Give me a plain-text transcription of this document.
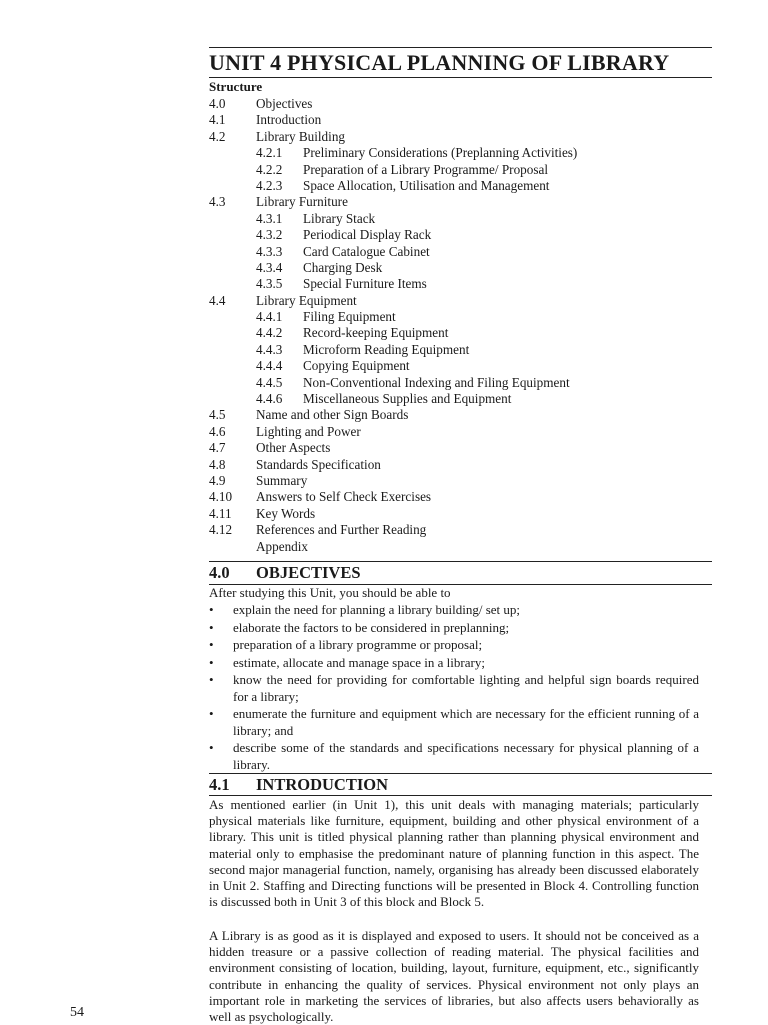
UNIT 4 PHYSICAL PLANNING OF LIBRARY
Structure
4.0 Objectives
4.1 Introduction
4.2 Library Building
4.2.1 Preliminary Considerations (Preplanning Activities)
4.2.2 Preparation of a Library Programme/ Proposal
4.2.3 Space Allocation, Utilisation and Management
4.3 Library Furniture
4.3.1 Library Stack
4.3.2 Periodical Display Rack
4.3.3 Card Catalogue Cabinet
4.3.4 Charging Desk
4.3.5 Special Furniture Items
4.4 Library Equipment
4.4.1 Filing Equipment
4.4.2 Record-keeping Equipment
4.4.3 Microform Reading Equipment
4.4.4 Copying Equipment
4.4.5 Non-Conventional Indexing and Filing Equipment
4.4.6 Miscellaneous Supplies and Equipment
4.5 Name and other Sign Boards
4.6 Lighting and Power
4.7 Other Aspects
4.8 Standards Specification
4.9 Summary
4.10 Answers to Self Check Exercises
4.11 Key Words
4.12 References and Further Reading
Appendix
4.0 OBJECTIVES
After studying this Unit, you should be able to
• explain the need for planning a library building/ set up;
• elaborate the factors to be considered in preplanning;
• preparation of a library programme or proposal;
• estimate, allocate and manage space in a library;
• know the need for providing for comfortable lighting and helpful sign boards required for a library;
• enumerate the furniture and equipment which are necessary for the efficient running of a library; and
• describe some of the standards and specifications necessary for physical planning of a library.
4.1 INTRODUCTION
As mentioned earlier (in Unit 1), this unit deals with managing materials; particularly physical materials like furniture, equipment, building and other physical environment of a library. This unit is titled physical planning rather than planning physical environment and material only to emphasise the predominant nature of planning function in this aspect. The second major managerial function, namely, organising has already been discussed elaborately in Unit 2. Staffing and Directing functions will be presented in Block 4. Controlling function is discussed both in Unit 3 of this block and Block 5.
A Library is as good as it is displayed and exposed to users. It should not be conceived as a hidden treasure or a passive collection of reading material. The physical facilities and environment consisting of location, building, layout, furniture, equipment, etc., significantly contribute in enhancing the quality of services. Physical environment not only plays an important role in marketing the services of libraries, but also affects users behaviorally as well as psychologically.
54
